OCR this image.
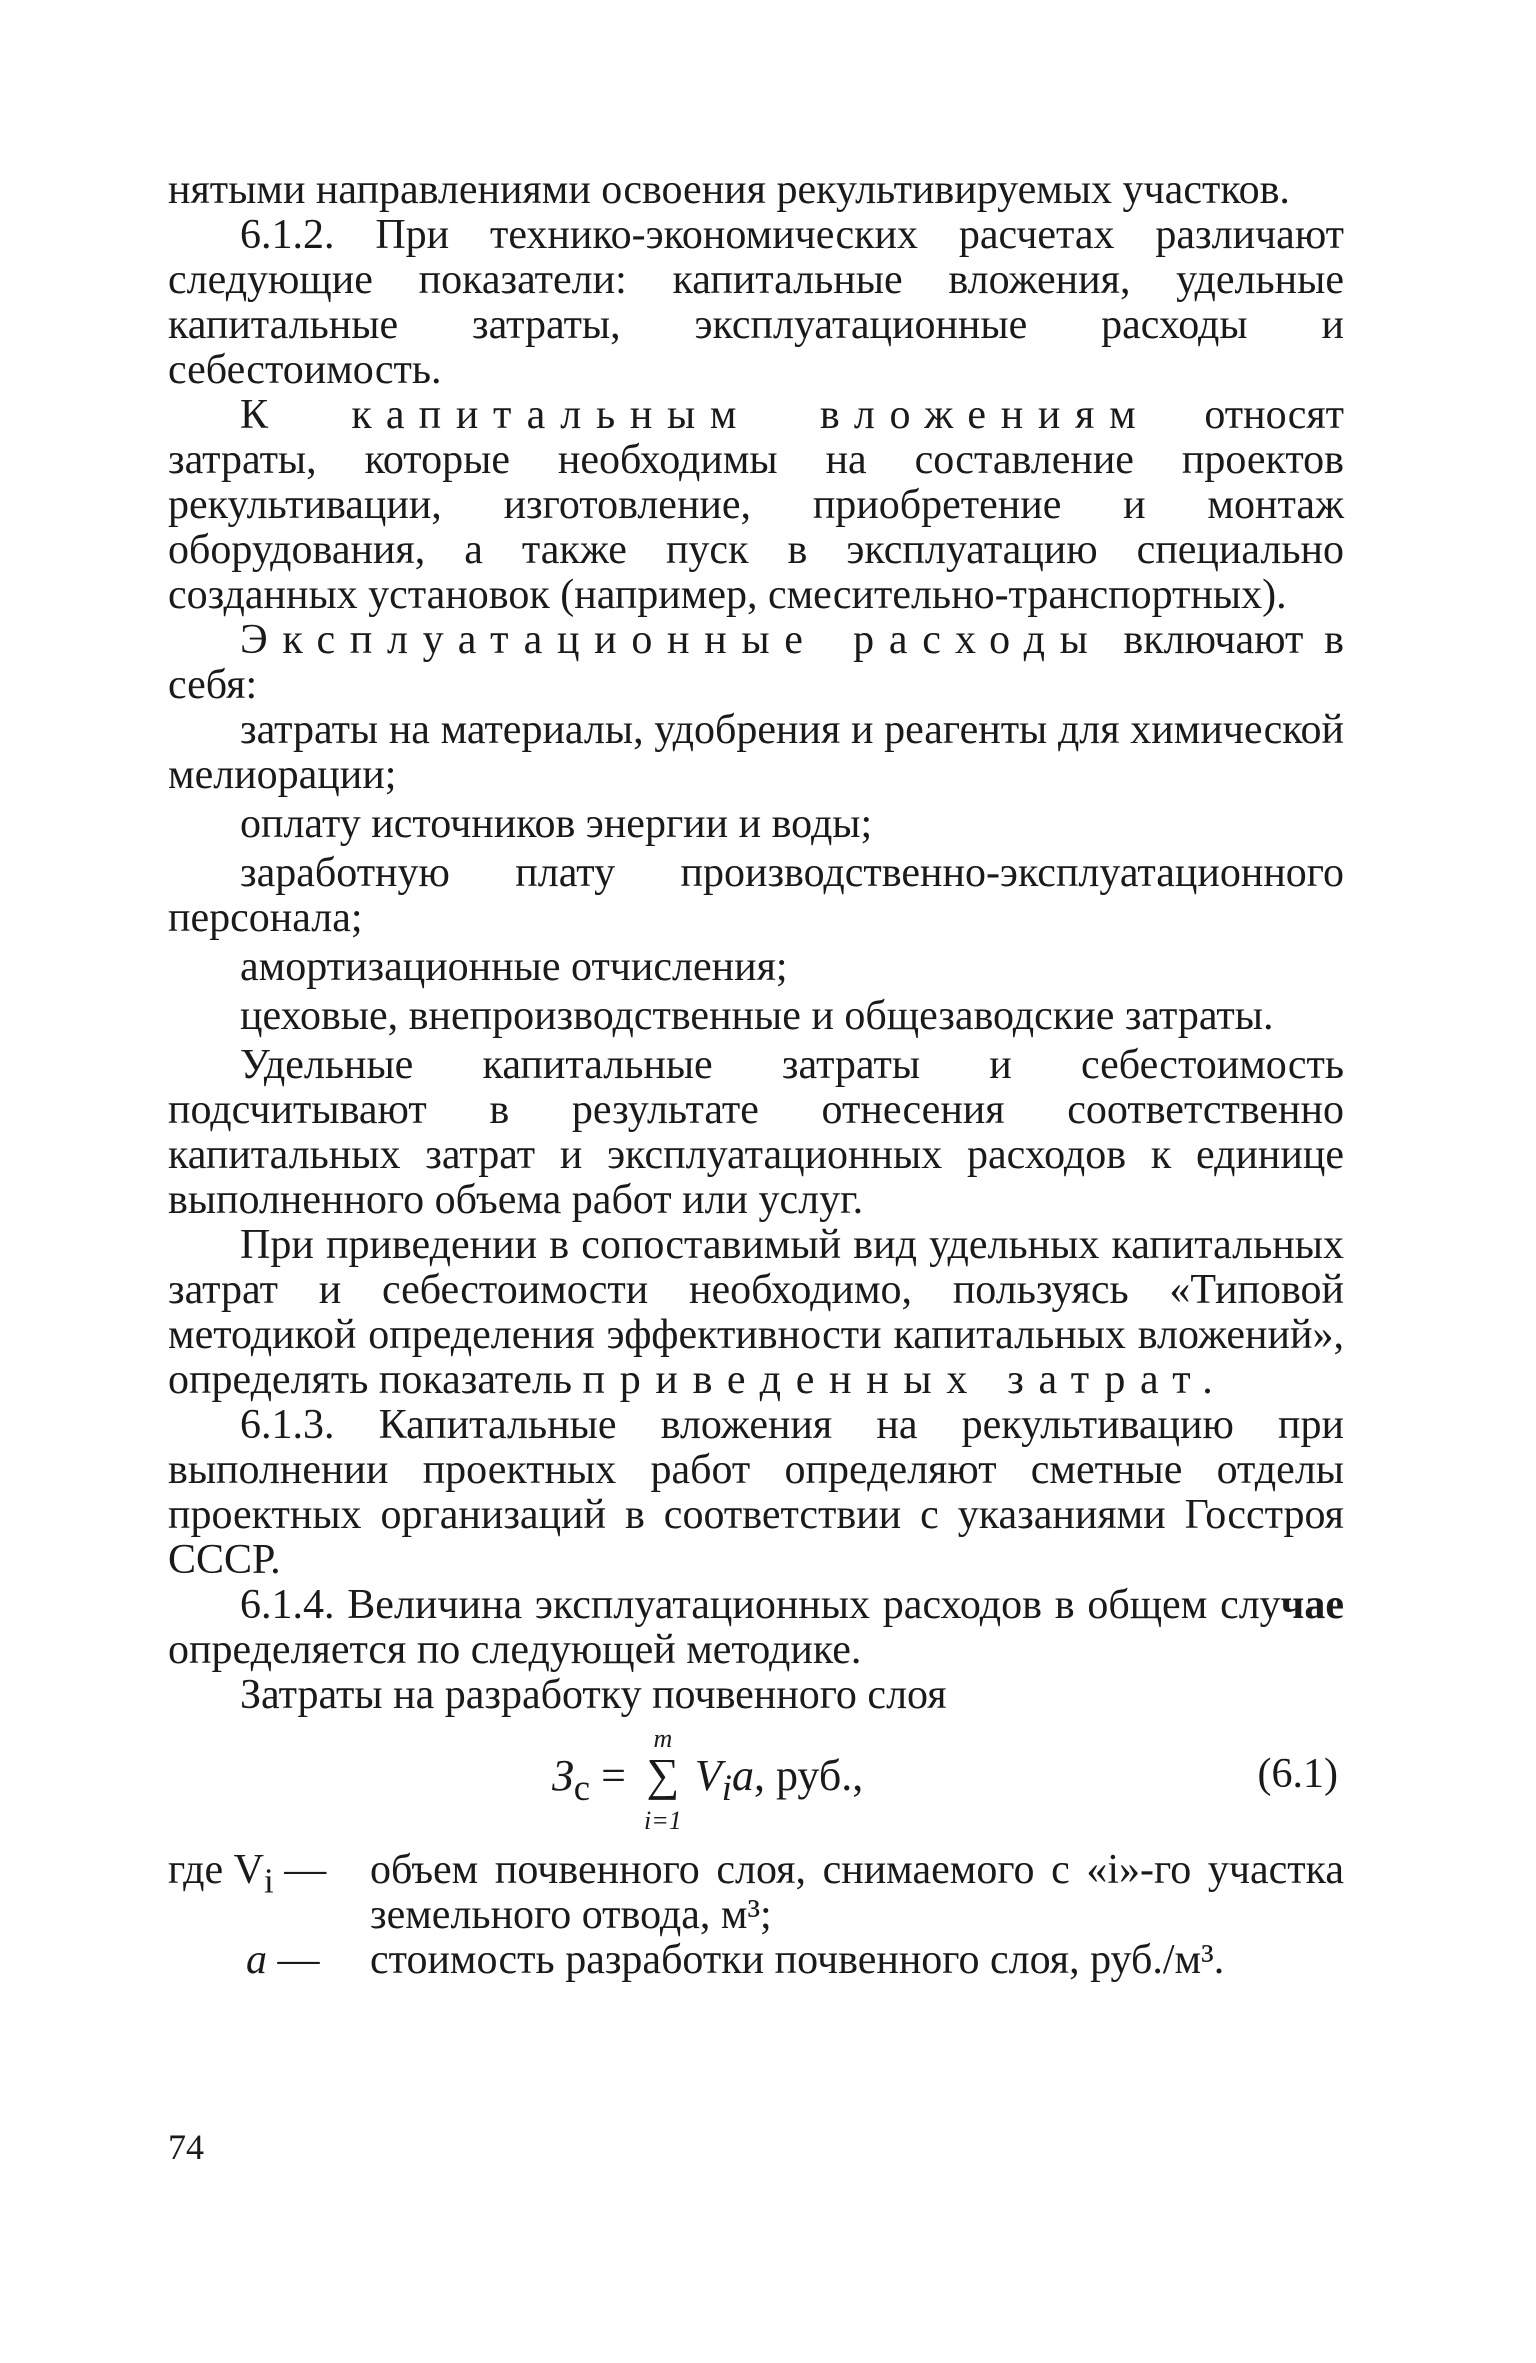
нятыми направлениями освоения рекультивируемых участков.

6.1.2. При технико-экономических расчетах различают следующие показатели: капитальные вложения, удельные капитальные затраты, эксплуатационные расходы и себестоимость.

К капитальным вложениям относят затраты, которые необходимы на составление проектов рекультивации, изготовление, приобретение и монтаж оборудования, а также пуск в эксплуатацию специально созданных установок (например, смесительно-транспортных).

Эксплуатационные расходы включают в себя:

затраты на материалы, удобрения и реагенты для химической мелиорации;

оплату источников энергии и воды;

заработную плату производственно-эксплуатационного персонала;

амортизационные отчисления;

цеховые, внепроизводственные и общезаводские затраты.

Удельные капитальные затраты и себестоимость подсчитывают в результате отнесения соответственно капитальных затрат и эксплуатационных расходов к единице выполненного объема работ или услуг.

При приведении в сопоставимый вид удельных капитальных затрат и себестоимости необходимо, пользуясь «Типовой методикой определения эффективности капитальных вложений», определять показатель приведенных затрат.

6.1.3. Капитальные вложения на рекультивацию при выполнении проектных работ определяют сметные отделы проектных организаций в соответствии с указаниями Госстроя СССР.

6.1.4. Величина эксплуатационных расходов в общем случае определяется по следующей методике.

Затраты на разработку почвенного слоя

$З_с$ =
m
∑
i=1
$V_ia$, руб.,	(6.1)
где $V_i$ —	объем почвенного слоя, снимаемого с «i»-го участка земельного отвода, м³;

a —	стоимость разработки почвенного слоя, руб./м³.

74
